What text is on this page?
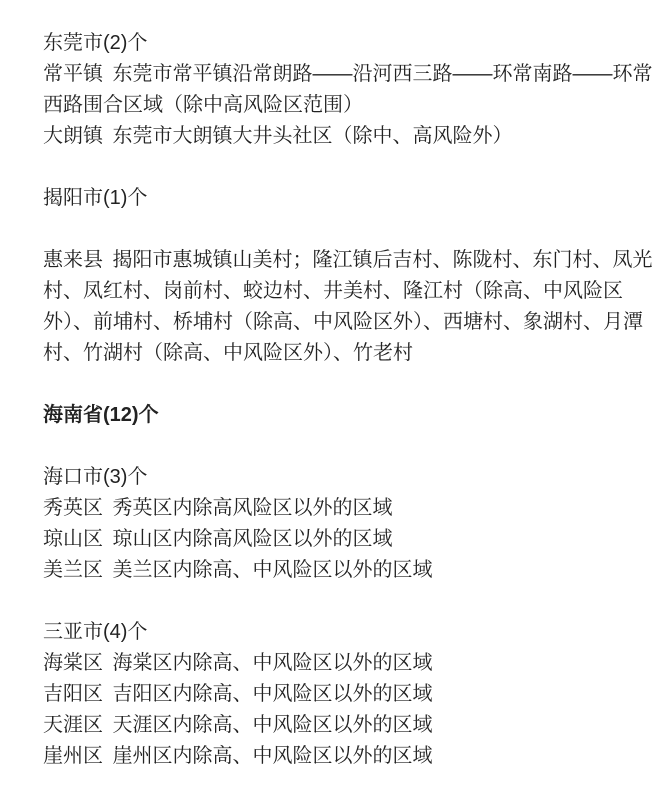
东莞市(2)个

常平镇 东莞市常平镇沿常朗路——沿河西三路——环常南路——环常西路围合区域（除中高风险区范围）

大朗镇 东莞市大朗镇大井头社区（除中、高风险外）

揭阳市(1)个

惠来县 揭阳市惠城镇山美村；隆江镇后吉村、陈陇村、东门村、凤光村、凤红村、岗前村、蛟边村、井美村、隆江村（除高、中风险区外）、前埔村、桥埔村（除高、中风险区外）、西塘村、象湖村、月潭村、竹湖村（除高、中风险区外）、竹老村

海南省(12)个

海口市(3)个

秀英区 秀英区内除高风险区以外的区域

琼山区 琼山区内除高风险区以外的区域

美兰区 美兰区内除高、中风险区以外的区域

三亚市(4)个

海棠区 海棠区内除高、中风险区以外的区域

吉阳区 吉阳区内除高、中风险区以外的区域

天涯区 天涯区内除高、中风险区以外的区域

崖州区 崖州区内除高、中风险区以外的区域
